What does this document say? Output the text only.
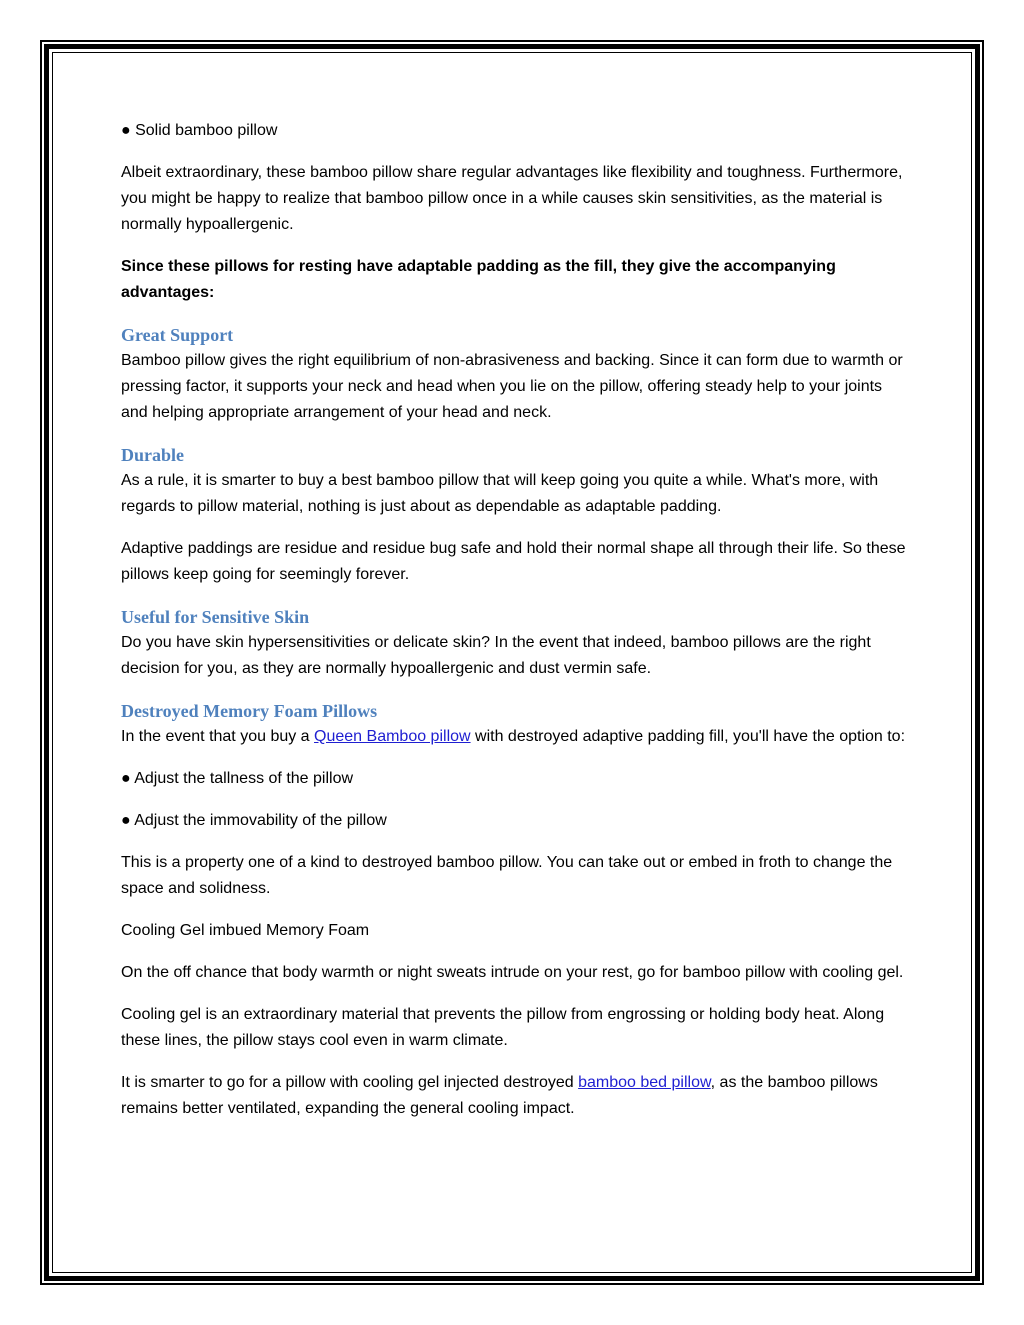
● Solid bamboo pillow

Albeit extraordinary, these bamboo pillow share regular advantages like flexibility and toughness. Furthermore, you might be happy to realize that bamboo pillow once in a while causes skin sensitivities, as the material is normally hypoallergenic.

Since these pillows for resting have adaptable padding as the fill, they give the accompanying advantages:

Great Support

Bamboo pillow gives the right equilibrium of non-abrasiveness and backing. Since it can form due to warmth or pressing factor, it supports your neck and head when you lie on the pillow, offering steady help to your joints and helping appropriate arrangement of your head and neck.

Durable

As a rule, it is smarter to buy a best bamboo pillow that will keep going you quite a while. What's more, with regards to pillow material, nothing is just about as dependable as adaptable padding.

Adaptive paddings are residue and residue bug safe and hold their normal shape all through their life. So these pillows keep going for seemingly forever.

Useful for Sensitive Skin

Do you have skin hypersensitivities or delicate skin? In the event that indeed, bamboo pillows are the right decision for you, as they are normally hypoallergenic and dust vermin safe.

Destroyed Memory Foam Pillows

In the event that you buy a Queen Bamboo pillow with destroyed adaptive padding fill, you'll have the option to:

● Adjust the tallness of the pillow

● Adjust the immovability of the pillow

This is a property one of a kind to destroyed bamboo pillow. You can take out or embed in froth to change the space and solidness.

Cooling Gel imbued Memory Foam

On the off chance that body warmth or night sweats intrude on your rest, go for bamboo pillow with cooling gel.

Cooling gel is an extraordinary material that prevents the pillow from engrossing or holding body heat. Along these lines, the pillow stays cool even in warm climate.

It is smarter to go for a pillow with cooling gel injected destroyed bamboo bed pillow, as the bamboo pillows remains better ventilated, expanding the general cooling impact.
